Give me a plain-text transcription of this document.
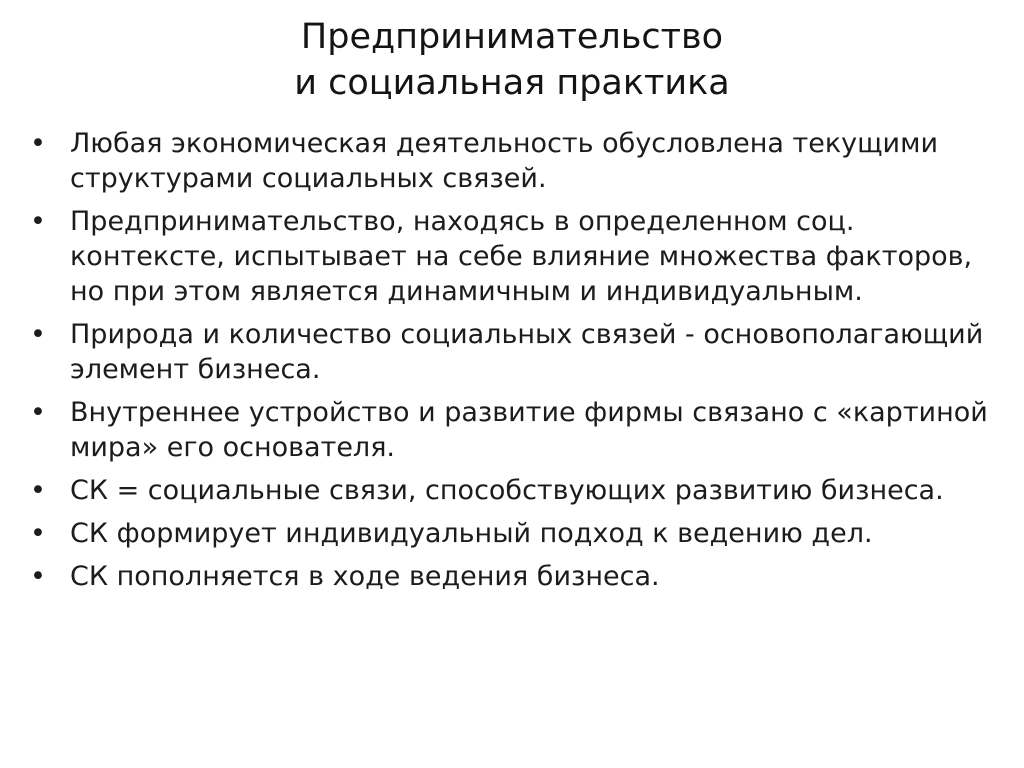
Предпринимательство
и социальная практика
• Любая экономическая деятельность обусловлена текущими структурами социальных связей.
• Предпринимательство, находясь в определенном соц. контексте, испытывает на себе влияние множества факторов, но при этом является динамичным и индивидуальным.
• Природа и количество социальных связей - основополагающий элемент бизнеса.
• Внутреннее устройство и развитие фирмы связано с «картиной мира» его основателя.
• СК = социальные связи, способствующих развитию бизнеса.
• СК формирует индивидуальный подход к ведению дел.
• СК пополняется в ходе ведения бизнеса.
